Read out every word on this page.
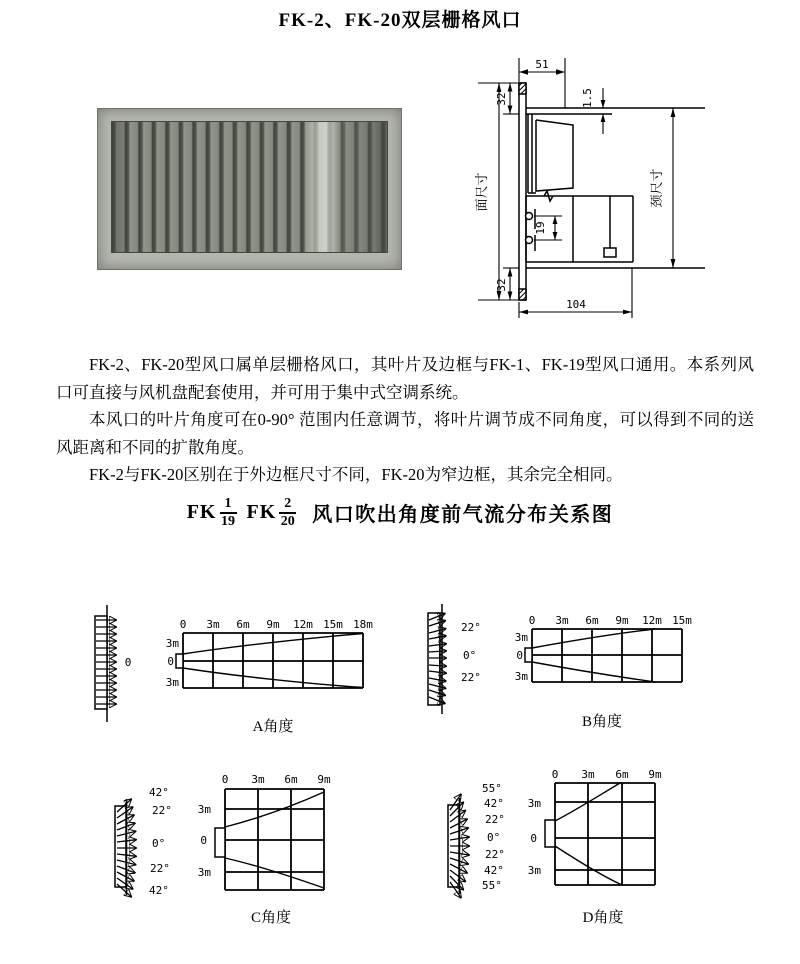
FK-2、FK-20双层栅格风口
51
32	1.5
面尺寸	颈尺寸
19
32
104

FK-2、FK-20型风口属单层栅格风口，其叶片及边框与FK-1、FK-19型风口通用。本系列风口可直接与风机盘配套使用，并可用于集中式空调系统。

本风口的叶片角度可在0-90° 范围内任意调节，将叶片调节成不同角度，可以得到不同的送风距离和不同的扩散角度。

FK-2与FK-20区别在于外边框尺寸不同，FK-20为窄边框，其余完全相同。

FK $\frac{1}{19}$ FK $\frac{2}{20}$ 风口吹出角度前气流分布关系图
0
0 3m 6m 9m 12m 15m 18m
3m
0
3m
A角度
22°
0°
22°
0 3m 6m 9m 12m 15m
3m
0
3m
B角度
42°
22°
0°
22°
42°
0 3m 6m 9m
3m
0
3m
C角度
55°
42°
22°
0°
22°
42°
55°
0 3m 6m 9m
3m
0
3m
D角度
